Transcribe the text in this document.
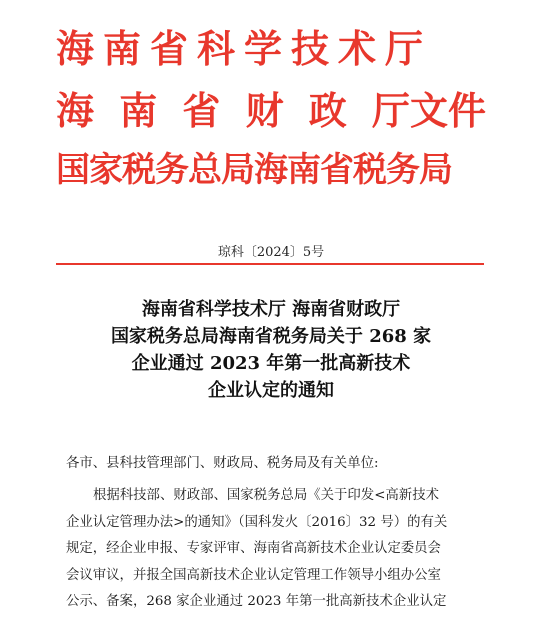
海南省科学技术厅
海 南 省 财 政 厅文件
国家税务总局海南省税务局
琼科〔2024〕5号
海南省科学技术厅 海南省财政厅
国家税务总局海南省税务局关于 268 家
企业通过 2023 年第一批高新技术
企业认定的通知
各市、县科技管理部门、财政局、税务局及有关单位:
根据科技部、财政部、国家税务总局《关于印发<高新技术
企业认定管理办法>的通知》（国科发火〔2016〕32 号）的有关
规定，经企业申报、专家评审、海南省高新技术企业认定委员会
会议审议，并报全国高新技术企业认定管理工作领导小组办公室
公示、备案，268 家企业通过 2023 年第一批高新技术企业认定
